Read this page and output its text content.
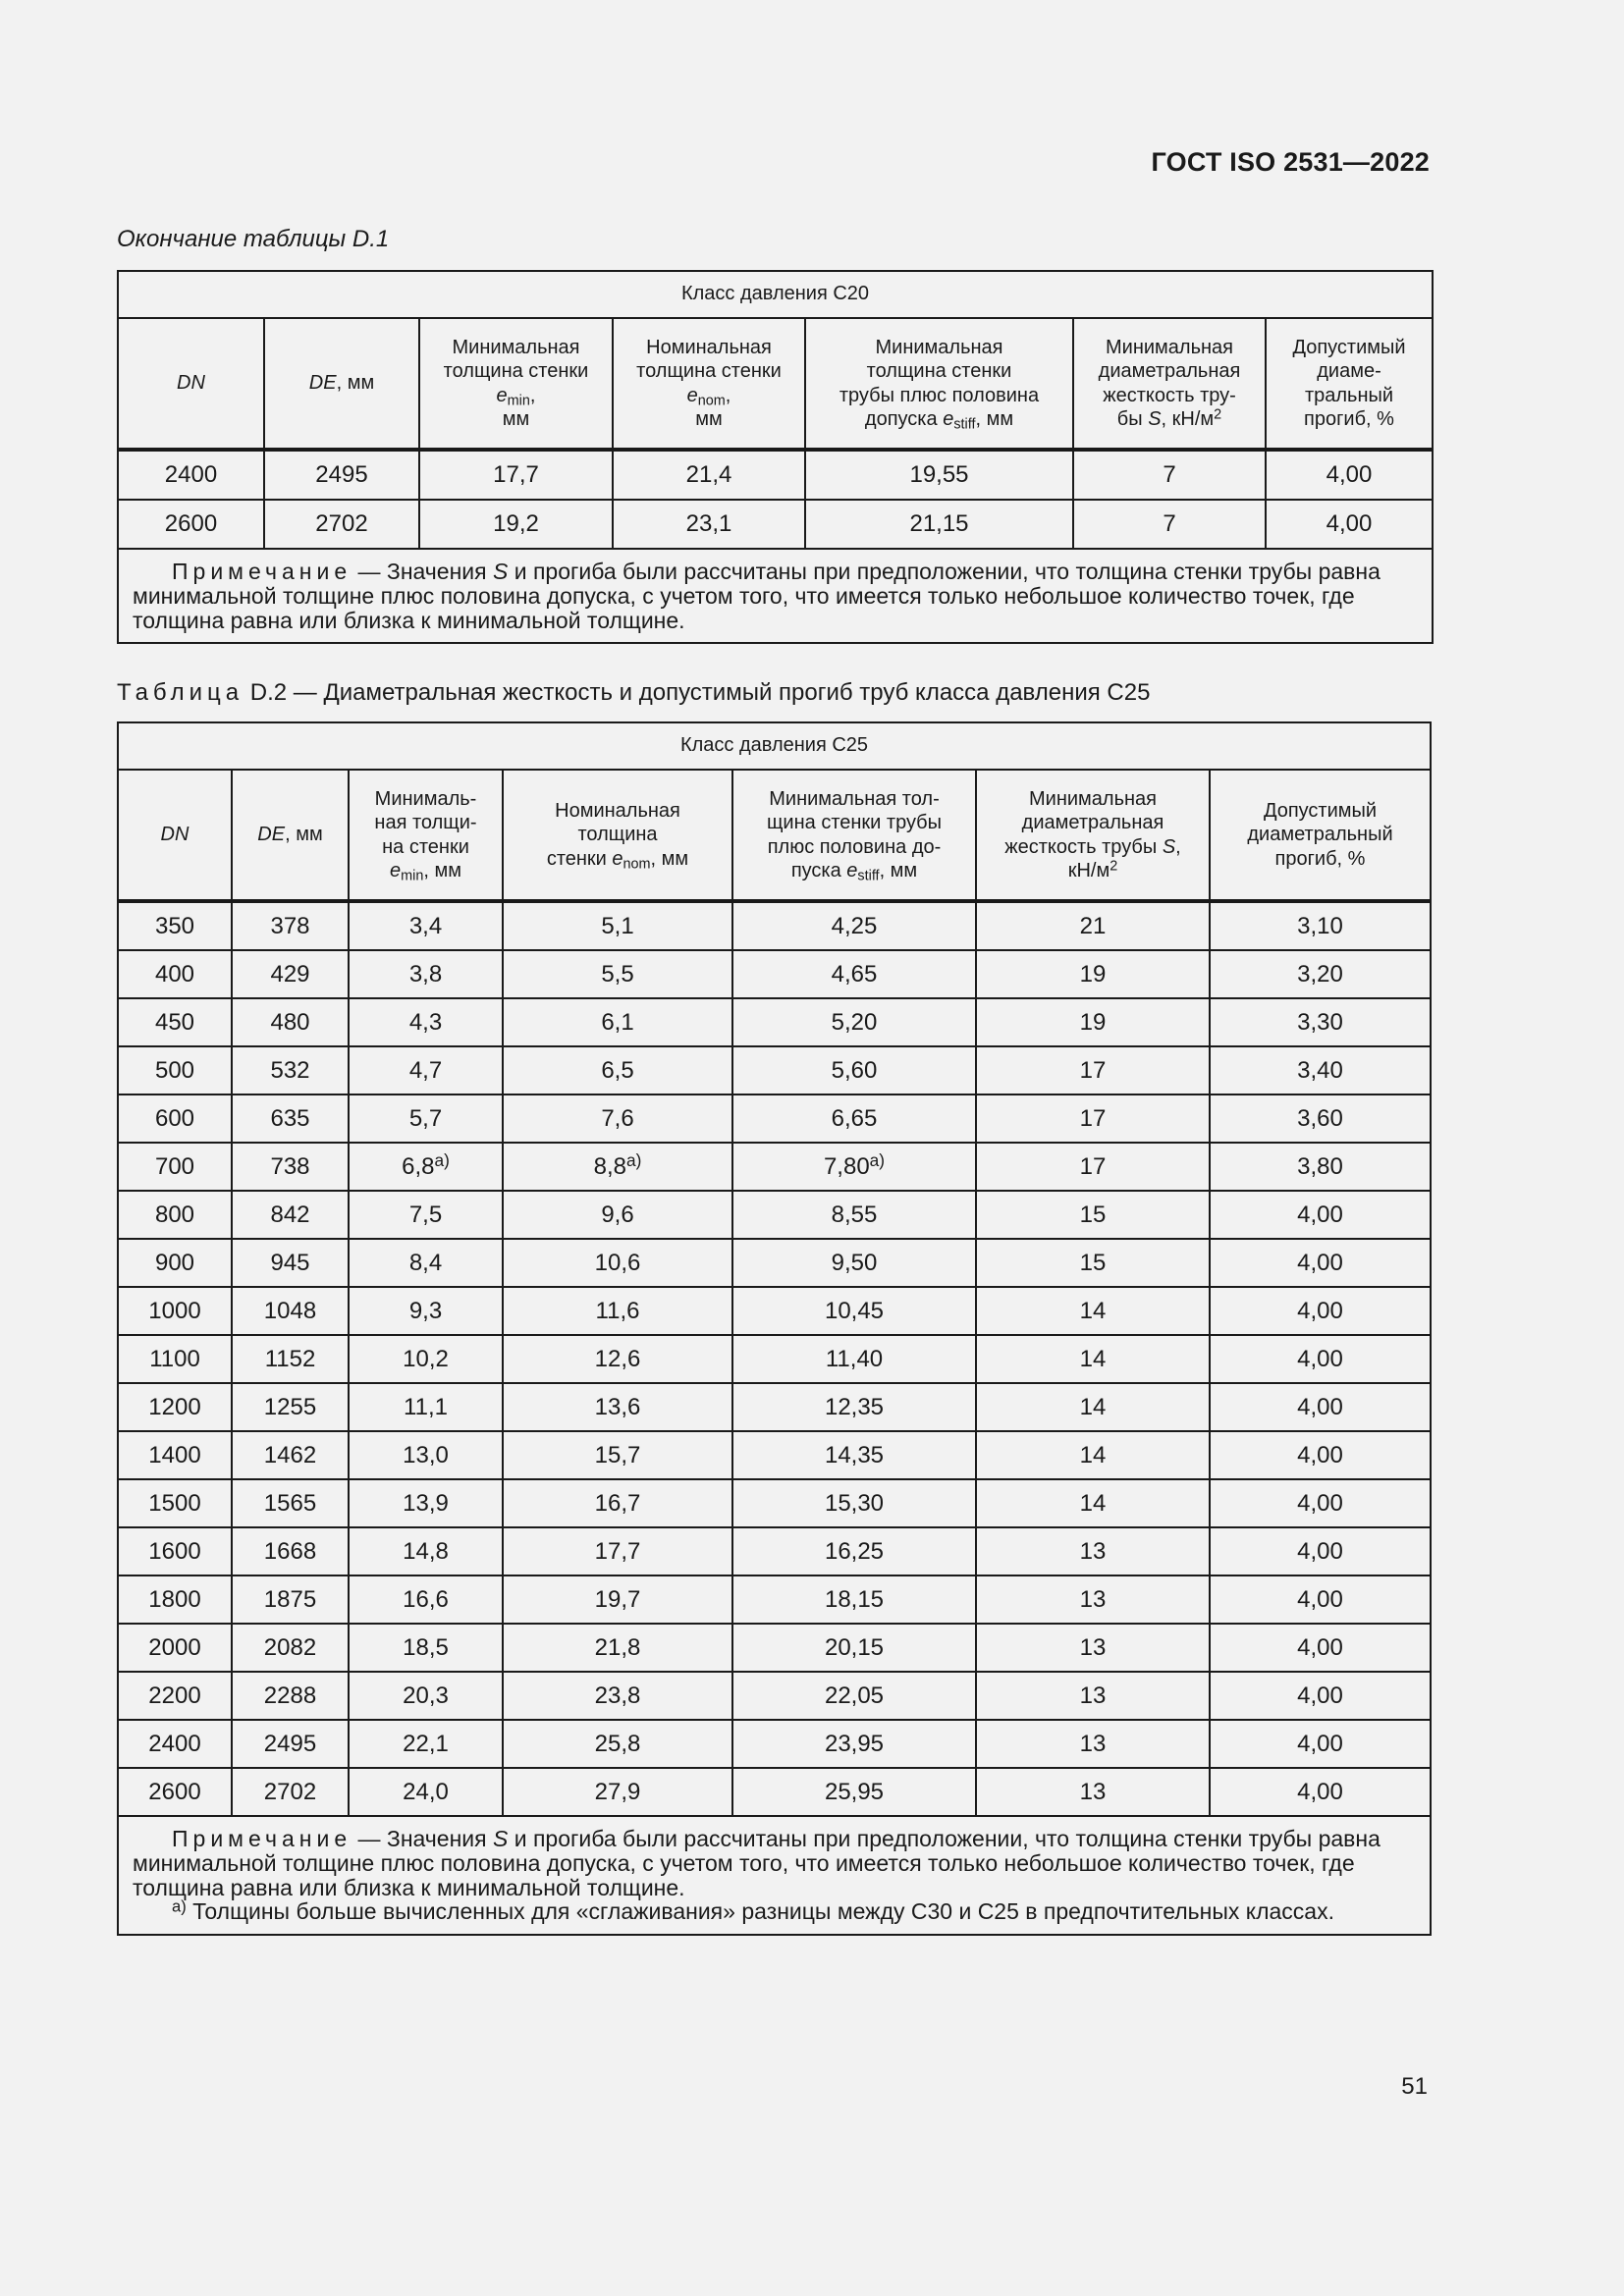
ГОСТ ISO 2531—2022
Окончание таблицы D.1
Класс давления С20						
DN	DE, мм	Минимальная
толщина стенки
$e_{min}$,
мм	Номинальная
толщина стенки
$e_{nom}$,
мм	Минимальная
толщина стенки
трубы плюс половина
допуска $e_{stiff}$, мм	Минимальная
диаметральная
жесткость тру-
бы S, $кН/м^2$	Допустимый
диаме-
тральный
прогиб, %
2400	2495	17,7	21,4	19,55	7	4,00
2600	2702	19,2	23,1	21,15	7	4,00
Примечание — Значения S и прогиба были рассчитаны при предположении, что толщина стенки трубы равна минимальной толщине плюс половина допуска, с учетом того, что имеется только небольшое количество точек, где толщина равна или близка к минимальной толщине.						
Таблица D.2 — Диаметральная жесткость и допустимый прогиб труб класса давления С25
Класс давления С25						
DN	DE, мм	Минималь-
ная толщи-
на стенки
$e_{min}$, мм	Номинальная
толщина
стенки $e_{nom}$, мм	Минимальная тол-
щина стенки трубы
плюс половина до-
пуска $e_{stiff}$, мм	Минимальная
диаметральная
жесткость трубы S,
$кН/м^2$	Допустимый
диаметральный
прогиб, %
350	378	3,4	5,1	4,25	21	3,10
400	429	3,8	5,5	4,65	19	3,20
450	480	4,3	6,1	5,20	19	3,30
500	532	4,7	6,5	5,60	17	3,40
600	635	5,7	7,6	6,65	17	3,60
700	738	6,8$^{a)}$	8,8$^{a)}$	7,80$^{a)}$	17	3,80
800	842	7,5	9,6	8,55	15	4,00
900	945	8,4	10,6	9,50	15	4,00
1000	1048	9,3	11,6	10,45	14	4,00
1100	1152	10,2	12,6	11,40	14	4,00
1200	1255	11,1	13,6	12,35	14	4,00
1400	1462	13,0	15,7	14,35	14	4,00
1500	1565	13,9	16,7	15,30	14	4,00
1600	1668	14,8	17,7	16,25	13	4,00
1800	1875	16,6	19,7	18,15	13	4,00
2000	2082	18,5	21,8	20,15	13	4,00
2200	2288	20,3	23,8	22,05	13	4,00
2400	2495	22,1	25,8	23,95	13	4,00
2600	2702	24,0	27,9	25,95	13	4,00
Примечание — Значения S и прогиба были рассчитаны при предположении, что толщина стенки трубы равна минимальной толщине плюс половина допуска, с учетом того, что имеется только небольшое количество точек, где толщина равна или близка к минимальной толщине.
$^{a)}$ Толщины больше вычисленных для «сглаживания» разницы между С30 и С25 в предпочтительных классах.						
51
